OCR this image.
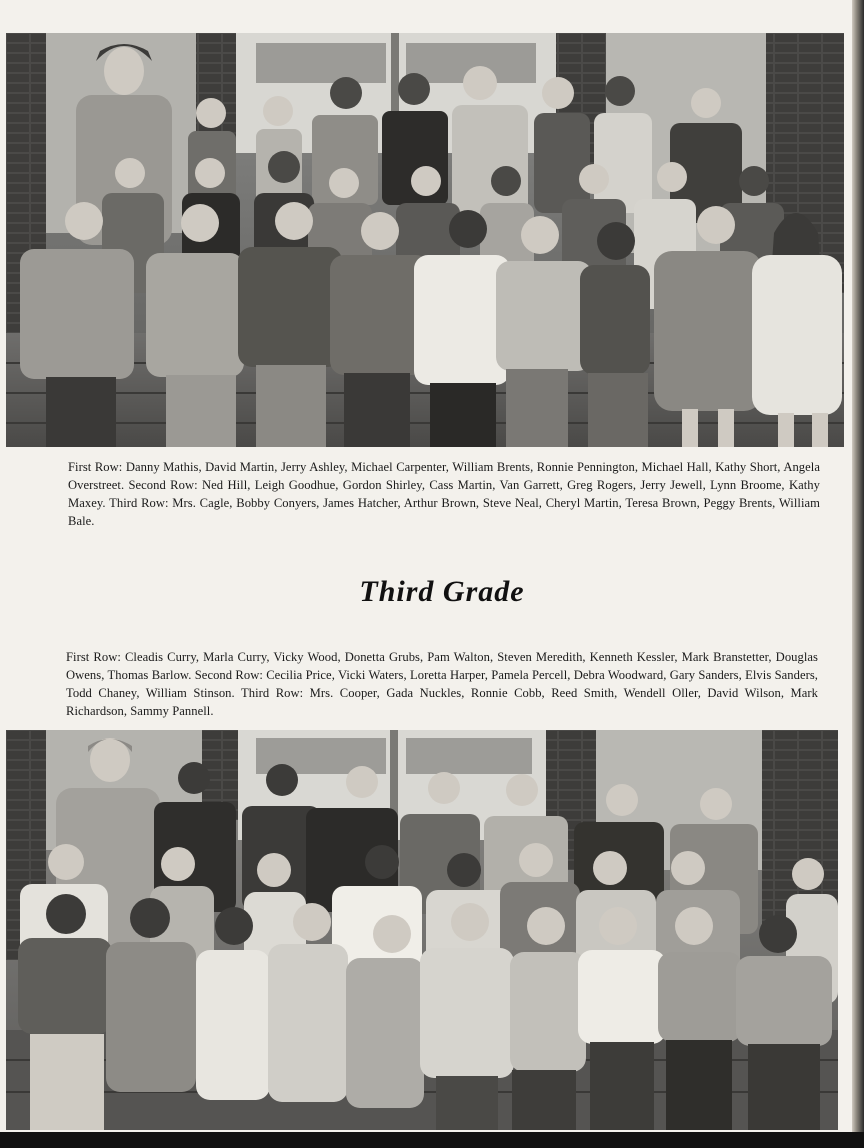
First Row: Danny Mathis, David Martin, Jerry Ashley, Michael Carpenter, William Brents, Ronnie Pennington, Michael Hall, Kathy Short, Angela Overstreet. Second Row: Ned Hill, Leigh Goodhue, Gordon Shirley, Cass Martin, Van Garrett, Greg Rogers, Jerry Jewell, Lynn Broome, Kathy Maxey. Third Row: Mrs. Cagle, Bobby Conyers, James Hatcher, Arthur Brown, Steve Neal, Cheryl Martin, Teresa Brown, Peggy Brents, William Bale.
Third Grade
First Row: Cleadis Curry, Marla Curry, Vicky Wood, Donetta Grubs, Pam Walton, Steven Meredith, Kenneth Kessler, Mark Branstetter, Douglas Owens, Thomas Barlow. Second Row: Cecilia Price, Vicki Waters, Loretta Harper, Pamela Percell, Debra Woodward, Gary Sanders, Elvis Sanders, Todd Chaney, William Stinson. Third Row: Mrs. Cooper, Gada Nuckles, Ronnie Cobb, Reed Smith, Wendell Oller, David Wilson, Mark Richardson, Sammy Pannell.
